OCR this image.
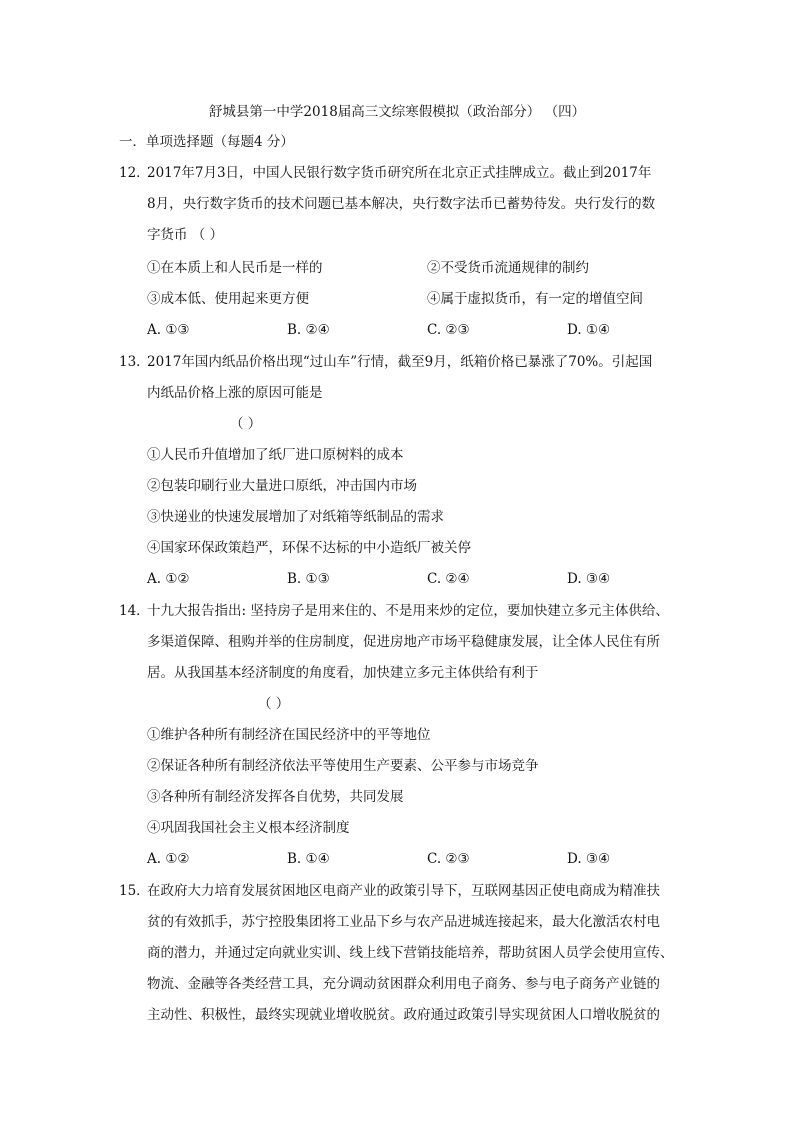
舒城县第一中学2018届高三文综寒假模拟（政治部分） （四）
一．单项选择题（每题4 分）
12．
2017年7月3日，中国人民银行数字货币研究所在北京正式挂牌成立。截止到2017年
8月，央行数字货币的技术问题已基本解决，央行数字法币已蓄势待发。央行发行的数
字货币 （ ）
①在本质上和人民币是一样的	②不受货币流通规律的制约
③成本低、使用起来更方便	④属于虚拟货币，有一定的增值空间
A. ①③	B. ②④	C. ②③	D. ①④
13．
2017年国内纸品价格出现“过山车”行情，截至9月，纸箱价格已暴涨了70%。引起国
内纸品价格上涨的原因可能是
（ ）
①人民币升值增加了纸厂进口原树料的成本
②包装印刷行业大量进口原纸，冲击国内市场
③快递业的快速发展增加了对纸箱等纸制品的需求
④国家环保政策趋严，环保不达标的中小造纸厂被关停
A. ①②	B. ①③	C. ②④	D. ③④
14．
十九大报告指出: 坚持房子是用来住的、不是用来炒的定位，要加快建立多元主体供给、
多渠道保障、租购并举的住房制度，促进房地产市场平稳健康发展，让全体人民住有所
居。从我国基本经济制度的角度看，加快建立多元主体供给有利于
（ ）
①维护各种所有制经济在国民经济中的平等地位
②保证各种所有制经济依法平等使用生产要素、公平参与市场竞争
③各种所有制经济发挥各自优势，共同发展
④巩固我国社会主义根本经济制度
A. ①②	B. ①④	C. ②③	D. ③④
15．
在政府大力培育发展贫困地区电商产业的政策引导下，互联网基因正使电商成为精准扶
贫的有效抓手，苏宁控股集团将工业品下乡与农产品进城连接起来，最大化激活农村电
商的潜力，并通过定向就业实训、线上线下营销技能培养，帮助贫困人员学会使用宣传、
物流、金融等各类经营工具，充分调动贫困群众利用电子商务、参与电子商务产业链的
主动性、积极性，最终实现就业增收脱贫。政府通过政策引导实现贫困人口增收脱贫的
